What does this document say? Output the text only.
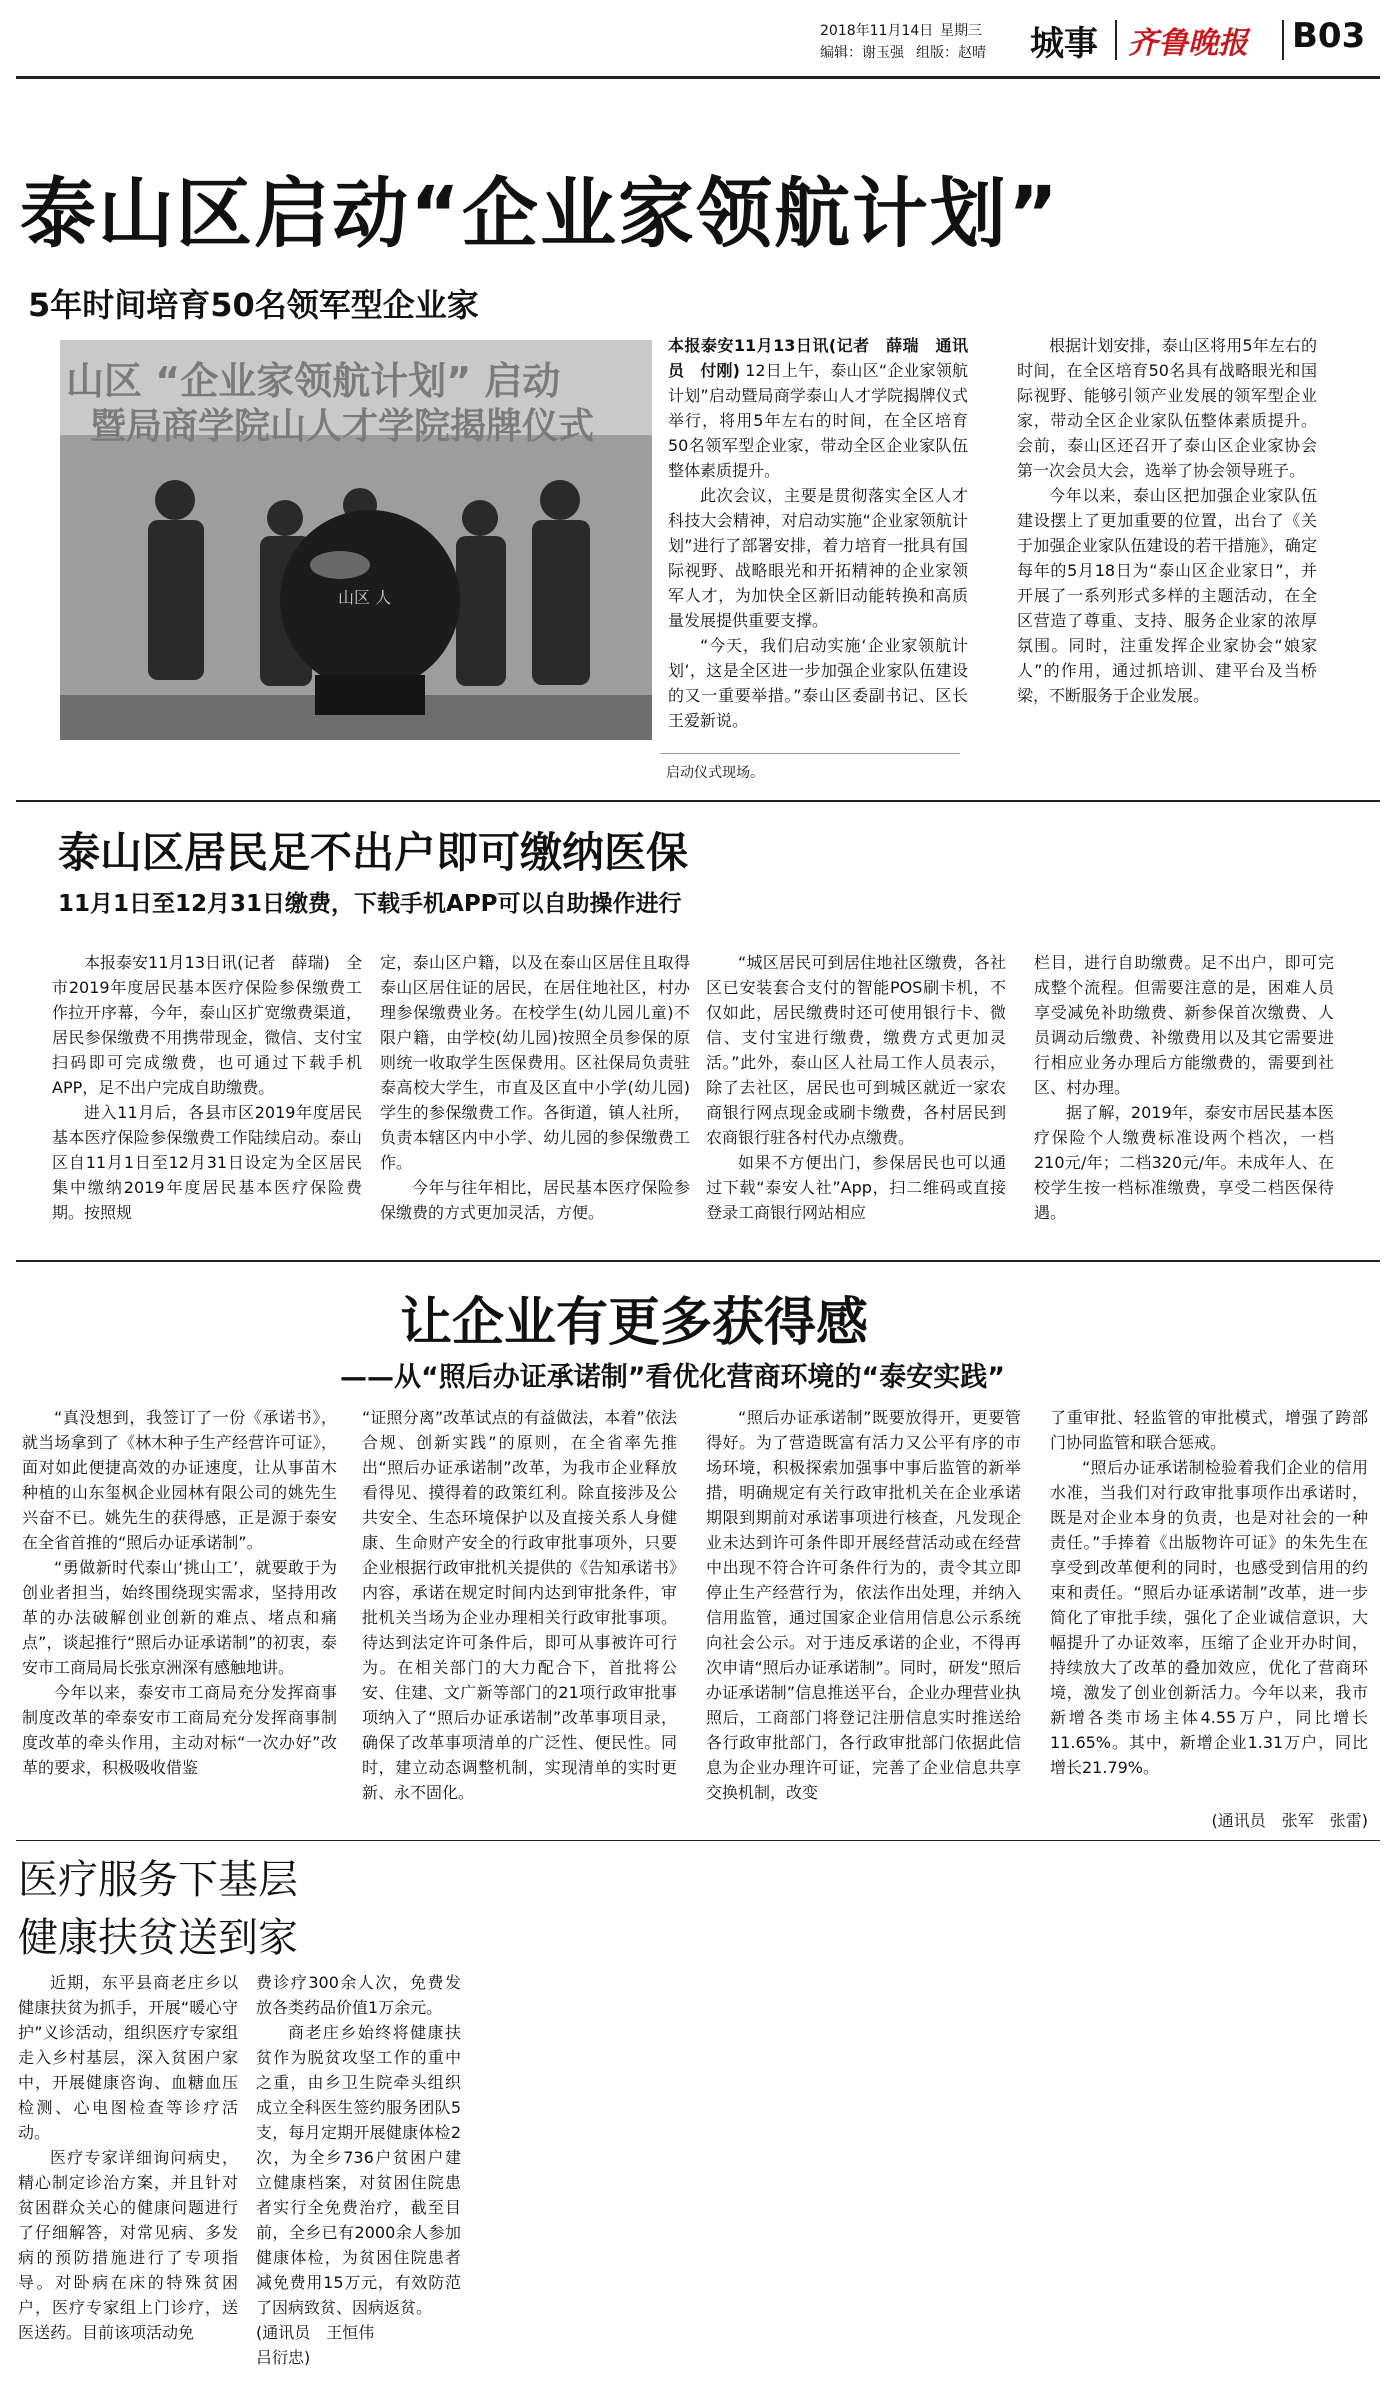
2018年11月14日 星期三
编辑：谢玉强 组版：赵晴 城事 齐鲁晚报 B03
泰山区启动“企业家领航计划”
5年时间培育50名领军型企业家
山区 “企业家领航计划” 启动
暨局商学院山人才学院揭牌仪式
山区 人
启动仪式现场。

本报泰安11月13日讯(记者　薛瑞　通讯员　付刚) 12日上午，泰山区“企业家领航计划”启动暨局商学泰山人才学院揭牌仪式举行，将用5年左右的时间，在全区培育50名领军型企业家，带动全区企业家队伍整体素质提升。

此次会议，主要是贯彻落实全区人才科技大会精神，对启动实施“企业家领航计划”进行了部署安排，着力培育一批具有国际视野、战略眼光和开拓精神的企业家领军人才，为加快全区新旧动能转换和高质量发展提供重要支撑。

“今天，我们启动实施‘企业家领航计划’，这是全区进一步加强企业家队伍建设的又一重要举措。”泰山区委副书记、区长王爱新说。

根据计划安排，泰山区将用5年左右的时间，在全区培育50名具有战略眼光和国际视野、能够引领产业发展的领军型企业家，带动全区企业家队伍整体素质提升。会前，泰山区还召开了泰山区企业家协会第一次会员大会，选举了协会领导班子。

今年以来，泰山区把加强企业家队伍建设摆上了更加重要的位置，出台了《关于加强企业家队伍建设的若干措施》，确定每年的5月18日为“泰山区企业家日”，并开展了一系列形式多样的主题活动，在全区营造了尊重、支持、服务企业家的浓厚氛围。同时，注重发挥企业家协会“娘家人”的作用，通过抓培训、建平台及当桥梁，不断服务于企业发展。

泰山区居民足不出户即可缴纳医保
11月1日至12月31日缴费，下载手机APP可以自助操作进行

本报泰安11月13日讯(记者　薛瑞)　全市2019年度居民基本医疗保险参保缴费工作拉开序幕，今年，泰山区扩宽缴费渠道，居民参保缴费不用携带现金，微信、支付宝扫码即可完成缴费，也可通过下载手机APP，足不出户完成自助缴费。

进入11月后，各县市区2019年度居民基本医疗保险参保缴费工作陆续启动。泰山区自11月1日至12月31日设定为全区居民集中缴纳2019年度居民基本医疗保险费期。按照规

定，泰山区户籍，以及在泰山区居住且取得泰山区居住证的居民，在居住地社区，村办理参保缴费业务。在校学生(幼儿园儿童)不限户籍，由学校(幼儿园)按照全员参保的原则统一收取学生医保费用。区社保局负责驻泰高校大学生，市直及区直中小学(幼儿园)学生的参保缴费工作。各街道，镇人社所，负责本辖区内中小学、幼儿园的参保缴费工作。

今年与往年相比，居民基本医疗保险参保缴费的方式更加灵活，方便。

“城区居民可到居住地社区缴费，各社区已安装套合支付的智能POS刷卡机，不仅如此，居民缴费时还可使用银行卡、微信、支付宝进行缴费，缴费方式更加灵活。”此外，泰山区人社局工作人员表示，除了去社区，居民也可到城区就近一家农商银行网点现金或刷卡缴费，各村居民到农商银行驻各村代办点缴费。

如果不方便出门，参保居民也可以通过下载“泰安人社”App，扫二维码或直接登录工商银行网站相应

栏目，进行自助缴费。足不出户，即可完成整个流程。但需要注意的是，困难人员享受减免补助缴费、新参保首次缴费、人员调动后缴费、补缴费用以及其它需要进行相应业务办理后方能缴费的，需要到社区、村办理。

据了解，2019年，泰安市居民基本医疗保险个人缴费标准设两个档次，一档210元/年；二档320元/年。未成年人、在校学生按一档标准缴费，享受二档医保待遇。

让企业有更多获得感
——从“照后办证承诺制”看优化营商环境的“泰安实践”

“真没想到，我签订了一份《承诺书》，就当场拿到了《林木种子生产经营许可证》，面对如此便捷高效的办证速度，让从事苗木种植的山东玺枫企业园林有限公司的姚先生兴奋不已。姚先生的获得感，正是源于泰安在全省首推的“照后办证承诺制”。

“勇做新时代泰山‘挑山工’，就要敢于为创业者担当，始终围绕现实需求，坚持用改革的办法破解创业创新的难点、堵点和痛点”，谈起推行“照后办证承诺制”的初衷，泰安市工商局局长张京洲深有感触地讲。

今年以来，泰安市工商局充分发挥商事制度改革的牵泰安市工商局充分发挥商事制度改革的牵头作用，主动对标“一次办好”改革的要求，积极吸收借鉴

“证照分离”改革试点的有益做法，本着”依法合规、创新实践”的原则，在全省率先推出“照后办证承诺制”改革，为我市企业释放看得见、摸得着的政策红利。除直接涉及公共安全、生态环境保护以及直接关系人身健康、生命财产安全的行政审批事项外，只要企业根据行政审批机关提供的《告知承诺书》内容，承诺在规定时间内达到审批条件，审批机关当场为企业办理相关行政审批事项。待达到法定许可条件后，即可从事被许可行为。在相关部门的大力配合下，首批将公安、住建、文广新等部门的21项行政审批事项纳入了“照后办证承诺制”改革事项目录，确保了改革事项清单的广泛性、便民性。同时，建立动态调整机制，实现清单的实时更新、永不固化。

“照后办证承诺制”既要放得开，更要管得好。为了营造既富有活力又公平有序的市场环境，积极探索加强事中事后监管的新举措，明确规定有关行政审批机关在企业承诺期限到期前对承诺事项进行核查，凡发现企业未达到许可条件即开展经营活动或在经营中出现不符合许可条件行为的，责令其立即停止生产经营行为，依法作出处理，并纳入信用监管，通过国家企业信用信息公示系统向社会公示。对于违反承诺的企业，不得再次申请“照后办证承诺制”。同时，研发“照后办证承诺制”信息推送平台，企业办理营业执照后，工商部门将登记注册信息实时推送给各行政审批部门，各行政审批部门依据此信息为企业办理许可证，完善了企业信息共享交换机制，改变

了重审批、轻监管的审批模式，增强了跨部门协同监管和联合惩戒。

“照后办证承诺制检验着我们企业的信用水准，当我们对行政审批事项作出承诺时，既是对企业本身的负责，也是对社会的一种责任。”手捧着《出版物许可证》的朱先生在享受到改革便利的同时，也感受到信用的约束和责任。“照后办证承诺制”改革，进一步简化了审批手续，强化了企业诚信意识，大幅提升了办证效率，压缩了企业开办时间，持续放大了改革的叠加效应，优化了营商环境，激发了创业创新活力。今年以来，我市新增各类市场主体4.55万户，同比增长11.65%。其中，新增企业1.31万户，同比增长21.79%。

(通讯员　张军　张雷)
医疗服务下基层
健康扶贫送到家

近期，东平县商老庄乡以健康扶贫为抓手，开展“暖心守护”义诊活动，组织医疗专家组走入乡村基层，深入贫困户家中，开展健康咨询、血糖血压检测、心电图检查等诊疗活动。

医疗专家详细询问病史，精心制定诊治方案，并且针对贫困群众关心的健康问题进行了仔细解答，对常见病、多发病的预防措施进行了专项指导。对卧病在床的特殊贫困户，医疗专家组上门诊疗，送医送药。目前该项活动免

费诊疗300余人次，免费发放各类药品价值1万余元。

商老庄乡始终将健康扶贫作为脱贫攻坚工作的重中之重，由乡卫生院牵头组织成立全科医生签约服务团队5支，每月定期开展健康体检2次，为全乡736户贫困户建立健康档案，对贫困住院患者实行全免费治疗，截至目前，全乡已有2000余人参加健康体检，为贫困住院患者减免费用15万元，有效防范了因病致贫、因病返贫。

(通讯员　王恒伟
吕衍忠)
